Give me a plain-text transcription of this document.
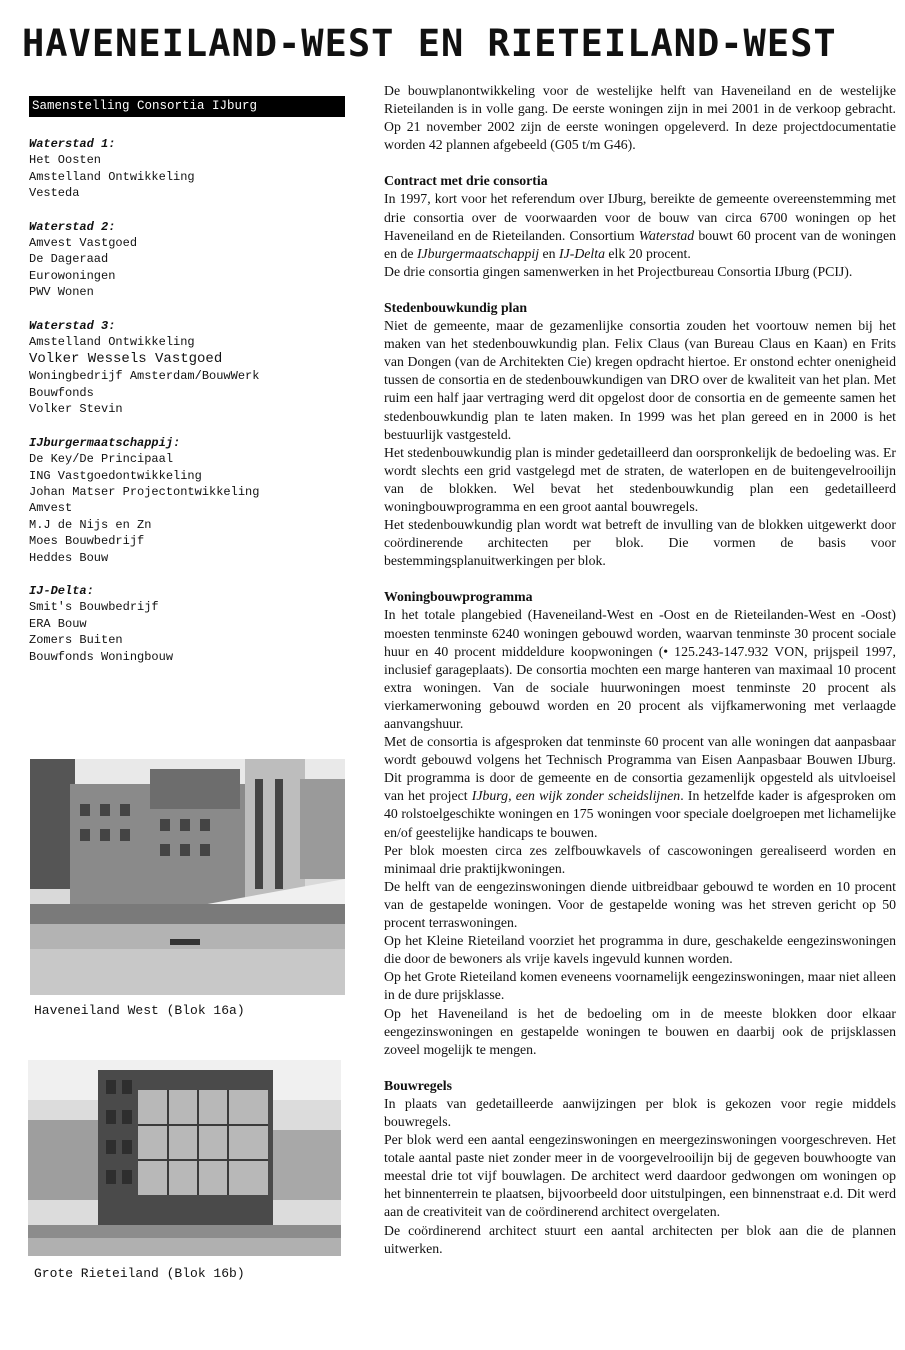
HAVENEILAND-WEST EN RIETEILAND-WEST
Samenstelling Consortia IJburg
Waterstad 1:
Het Oosten
Amstelland Ontwikkeling
Vesteda
Waterstad 2:
Amvest Vastgoed
De Dageraad
Eurowoningen
PWV Wonen
Waterstad 3:
Amstelland Ontwikkeling
Volker Wessels Vastgoed
Woningbedrijf Amsterdam/BouwWerk
Bouwfonds
Volker Stevin
IJburgermaatschappij:
De Key/De Principaal
ING Vastgoedontwikkeling
Johan Matser Projectontwikkeling
Amvest
M.J de Nijs en Zn
Moes Bouwbedrijf
Heddes Bouw
IJ-Delta:
Smit's Bouwbedrijf
ERA Bouw
Zomers Buiten
Bouwfonds Woningbouw
Haveneiland West (Blok 16a)
Grote Rieteiland (Blok 16b)

De bouwplanontwikkeling voor de westelijke helft van Haveneiland en de westelijke Rieteilanden is in volle gang. De eerste woningen zijn in mei 2001 in de verkoop gebracht. Op 21 november 2002 zijn de eerste woningen opgeleverd. In deze projectdocumentatie worden 42 plannen afgebeeld (G05 t/m G46).

Contract met drie consortia

In 1997, kort voor het referendum over IJburg, bereikte de gemeente overeenstemming met drie consortia over de voorwaarden voor de bouw van circa 6700 woningen op het Haveneiland en de Rieteilanden. Consortium Waterstad bouwt 60 procent van de woningen en de IJburgermaatschappij en IJ-Delta elk 20 procent.

De drie consortia gingen samenwerken in het Projectbureau Consortia IJburg (PCIJ).

Stedenbouwkundig plan

Niet de gemeente, maar de gezamenlijke consortia zouden het voortouw nemen bij het maken van het stedenbouwkundig plan. Felix Claus (van Bureau Claus en Kaan) en Frits van Dongen (van de Architekten Cie) kregen opdracht hiertoe. Er onstond echter onenigheid tussen de consortia en de stedenbouwkundigen van DRO over de kwaliteit van het plan. Met ruim een half jaar vertraging werd dit opgelost door de consortia en de gemeente samen het stedenbouwkundig plan te laten maken. In 1999 was het plan gereed en in 2000 is het bestuurlijk vastgesteld.

Het stedenbouwkundig plan is minder gedetailleerd dan oorspronkelijk de bedoeling was. Er wordt slechts een grid vastgelegd met de straten, de waterlopen en de buitengevelrooilijn van de blokken. Wel bevat het stedenbouwkundig plan een gedetailleerd woningbouwprogramma en een groot aantal bouwregels.

Het stedenbouwkundig plan wordt wat betreft de invulling van de blokken uitgewerkt door coördinerende architecten per blok. Die vormen de basis voor bestemmingsplanuitwerkingen per blok.

Woningbouwprogramma

In het totale plangebied (Haveneiland-West en -Oost en de Rieteilanden-West en -Oost) moesten tenminste 6240 woningen gebouwd worden, waarvan tenminste 30 procent sociale huur en 40 procent middeldure koopwoningen (• 125.243-147.932 VON, prijspeil 1997, inclusief garageplaats). De consortia mochten een marge hanteren van maximaal 10 procent extra woningen. Van de sociale huurwoningen moest tenminste 20 procent als vierkamerwoning gebouwd worden en 20 procent als vijfkamerwoning met verlaagde aanvangshuur.

Met de consortia is afgesproken dat tenminste 60 procent van alle woningen dat aanpasbaar wordt gebouwd volgens het Technisch Programma van Eisen Aanpasbaar Bouwen IJburg. Dit programma is door de gemeente en de consortia gezamenlijk opgesteld als uitvloeisel van het project IJburg, een wijk zonder scheidslijnen. In hetzelfde kader is afgesproken om 40 rolstoelgeschikte woningen en 175 woningen voor speciale doelgroepen met lichamelijke en/of geestelijke handicaps te bouwen.

Per blok moesten circa zes zelfbouwkavels of cascowoningen gerealiseerd worden en minimaal drie praktijkwoningen.

De helft van de eengezinswoningen diende uitbreidbaar gebouwd te worden en 10 procent van de gestapelde woningen. Voor de gestapelde woning was het streven gericht op 50 procent terraswoningen.

Op het Kleine Rieteiland voorziet het programma in dure, geschakelde eengezinswoningen die door de bewoners als vrije kavels ingevuld kunnen worden.

Op het Grote Rieteiland komen eveneens voornamelijk eengezinswoningen, maar niet alleen in de dure prijsklasse.

Op het Haveneiland is het de bedoeling om in de meeste blokken door elkaar eengezinswoningen en gestapelde woningen te bouwen en daarbij ook de prijsklassen zoveel mogelijk te mengen.

Bouwregels

In plaats van gedetailleerde aanwijzingen per blok is gekozen voor regie middels bouwregels.

Per blok werd een aantal eengezinswoningen en meergezinswoningen voorgeschreven. Het totale aantal paste niet zonder meer in de voorgevelrooilijn bij de gegeven bouwhoogte van meestal drie tot vijf bouwlagen. De architect werd daardoor gedwongen om woningen op het binnenterrein te plaatsen, bijvoorbeeld door uitstulpingen, een binnenstraat e.d. Dit werd aan de creativiteit van de coördinerend architect overgelaten.

De coördinerend architect stuurt een aantal architecten per blok aan die de plannen uitwerken.
